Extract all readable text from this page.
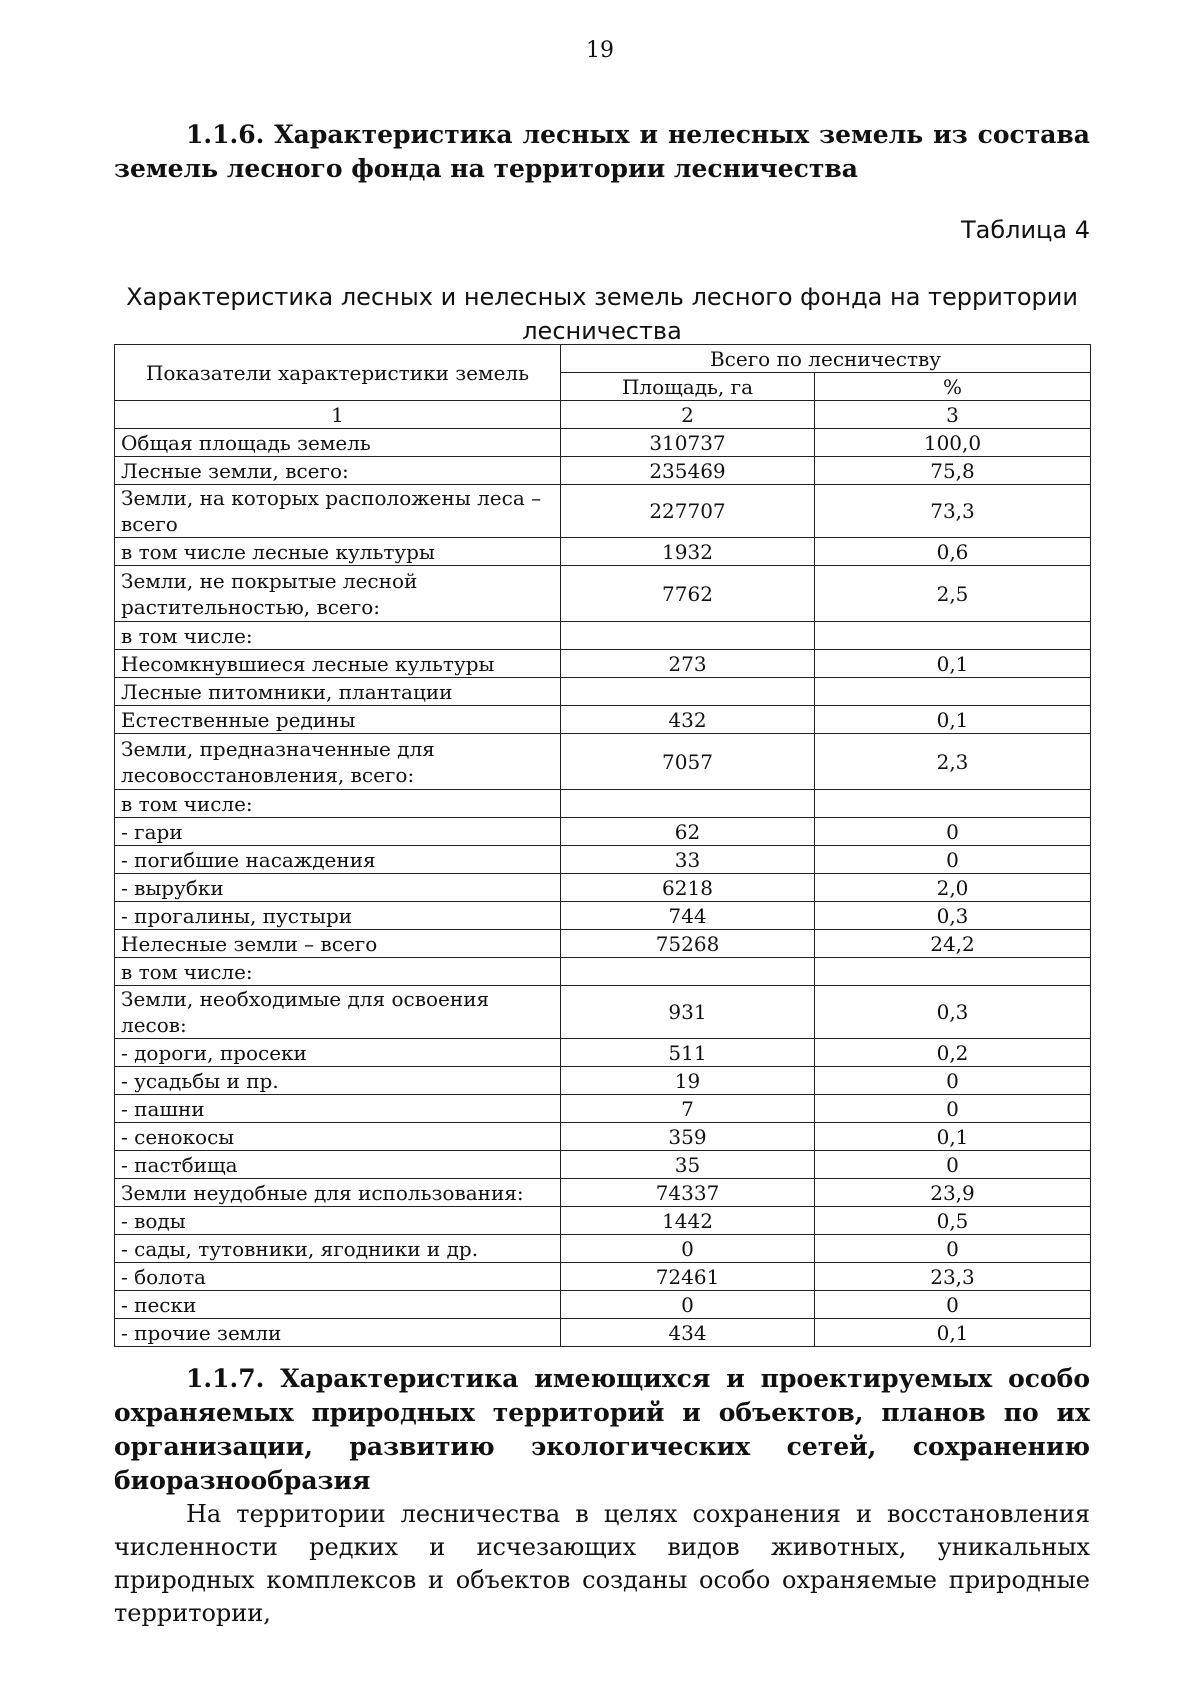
19
1.1.6. Характеристика лесных и нелесных земель из состава земель лесного фонда на территории лесничества
Таблица 4
Характеристика лесных и нелесных земель лесного фонда на территории лесничества
Показатели характеристики земель	Всего по лесничеству	
	Площадь, га	%
1	2	3
Общая площадь земель	310737	100,0
Лесные земли, всего:	235469	75,8
Земли, на которых расположены леса – всего	227707	73,3
в том числе лесные культуры	1932	0,6
Земли, не покрытые лесной растительностью, всего:	7762	2,5
в том числе:		
Несомкнувшиеся лесные культуры	273	0,1
Лесные питомники, плантации		
Естественные редины	432	0,1
Земли, предназначенные для лесовосстановления, всего:	7057	2,3
в том числе:		
- гари	62	0
- погибшие насаждения	33	0
- вырубки	6218	2,0
- прогалины, пустыри	744	0,3
Нелесные земли – всего	75268	24,2
в том числе:		
Земли, необходимые для освоения лесов:	931	0,3
- дороги, просеки	511	0,2
- усадьбы и пр.	19	0
- пашни	7	0
- сенокосы	359	0,1
- пастбища	35	0
Земли неудобные для использования:	74337	23,9
- воды	1442	0,5
- сады, тутовники, ягодники и др.	0	0
- болота	72461	23,3
- пески	0	0
- прочие земли	434	0,1
1.1.7. Характеристика имеющихся и проектируемых особо охраняемых природных территорий и объектов, планов по их организации, развитию экологических сетей, сохранению биоразнообразия
На территории лесничества в целях сохранения и восстановления численности редких и исчезающих видов животных, уникальных природных комплексов и объектов созданы особо охраняемые природные территории,
